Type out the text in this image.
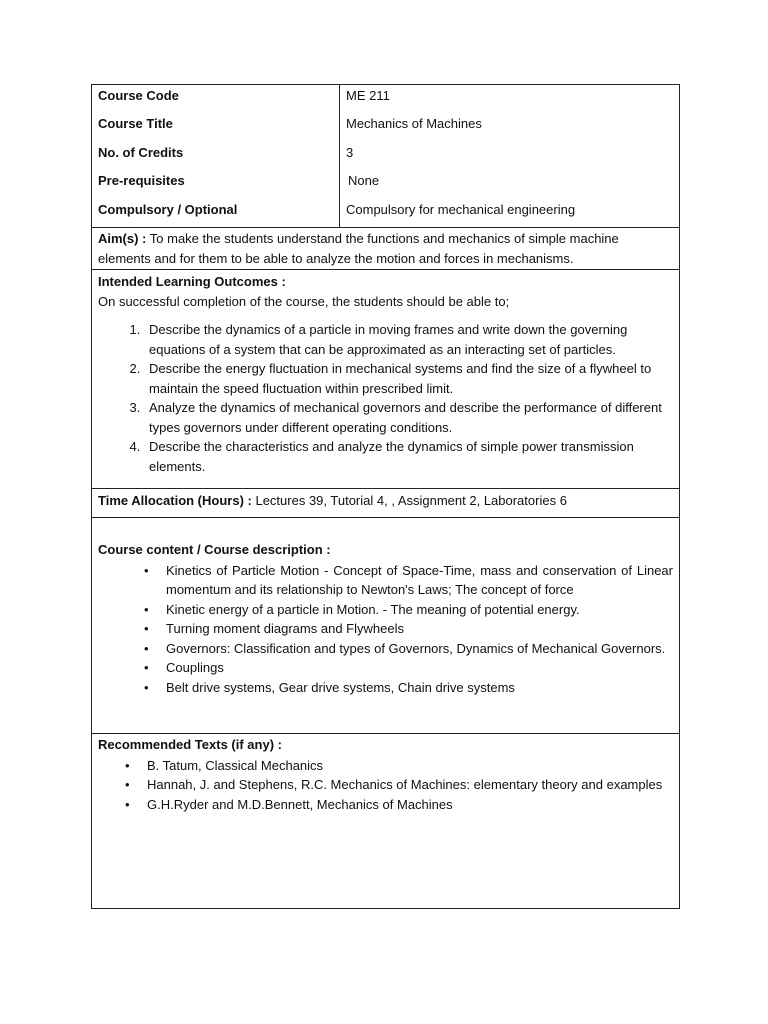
Course Code
Course Title
No. of Credits
Pre-requisites
Compulsory / Optional
ME 211
Mechanics of Machines
3
None
Compulsory for mechanical engineering
Aim(s) : To make the students understand the functions and mechanics of simple machine elements and for them to be able to analyze the motion and forces in mechanisms.
Intended Learning Outcomes :
On successful completion of the course, the students should be able to;
1. Describe the dynamics of a particle in moving frames and write down the governing equations of a system that can be approximated as an interacting set of particles.
2. Describe the energy fluctuation in mechanical systems and find the size of a flywheel to maintain the speed fluctuation within prescribed limit.
3. Analyze the dynamics of mechanical governors and describe the performance of different types governors under different operating conditions.
4. Describe the characteristics and analyze the dynamics of simple power transmission elements.
Time Allocation (Hours) : Lectures 39, Tutorial 4, , Assignment 2, Laboratories 6
Course content / Course description :
• Kinetics of Particle Motion - Concept of Space-Time, mass and conservation of Linear momentum and its relationship to Newton's Laws; The concept of force
• Kinetic energy of a particle in Motion. - The meaning of potential energy.
• Turning moment diagrams and Flywheels
• Governors: Classification and types of Governors, Dynamics of Mechanical Governors.
• Couplings
• Belt drive systems, Gear drive systems, Chain drive systems
Recommended Texts (if any) :
• B. Tatum, Classical Mechanics
• Hannah, J. and Stephens, R.C. Mechanics of Machines: elementary theory and examples
• G.H.Ryder and M.D.Bennett, Mechanics of Machines
